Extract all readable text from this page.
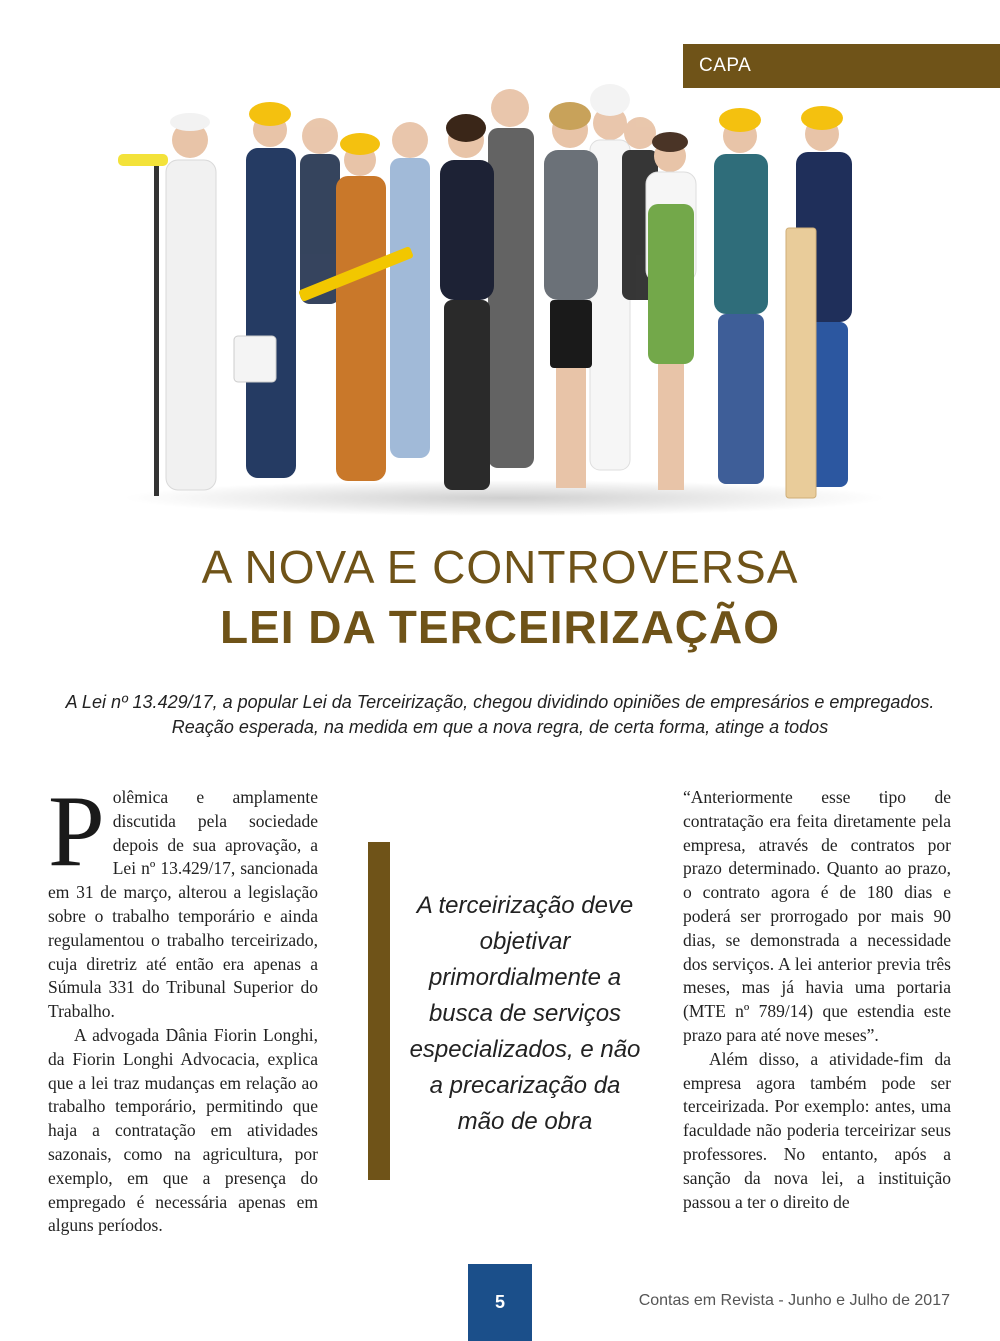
CAPA
A NOVA E CONTROVERSA
LEI DA TERCEIRIZAÇÃO
A Lei nº 13.429/17, a popular Lei da Terceirização, chegou dividindo opiniões de empresários e empregados. Reação esperada, na medida em que a nova regra, de certa forma, atinge a todos
P olêmica e amplamente discutida pela sociedade depois de sua aprovação, a Lei nº 13.429/17, sancionada em 31 de março, alterou a legislação sobre o trabalho temporário e ainda regulamentou o trabalho terceirizado, cuja diretriz até então era apenas a Súmula 331 do Tribunal Superior do Trabalho.

A advogada Dânia Fiorin Longhi, da Fiorin Longhi Advocacia, explica que a lei traz mudanças em relação ao trabalho temporário, permitindo que haja a contratação em atividades sazonais, como na agricultura, por exemplo, em que a presença do empregado é necessária apenas em alguns períodos.

A terceirização deve objetivar primordialmente a busca de serviços especializados, e não a precarização da mão de obra

“Anteriormente esse tipo de contratação era feita diretamente pela empresa, através de contratos por prazo determinado. Quanto ao prazo, o contrato agora é de 180 dias e poderá ser prorrogado por mais 90 dias, se demonstrada a necessidade dos serviços. A lei anterior previa três meses, mas já havia uma portaria (MTE nº 789/14) que estendia este prazo para até nove meses”.

Além disso, a atividade-fim da empresa agora também pode ser terceirizada. Por exemplo: antes, uma faculdade não poderia terceirizar seus professores. No entanto, após a sanção da nova lei, a instituição passou a ter o direito de

5	Contas em Revista - Junho e Julho de 2017
